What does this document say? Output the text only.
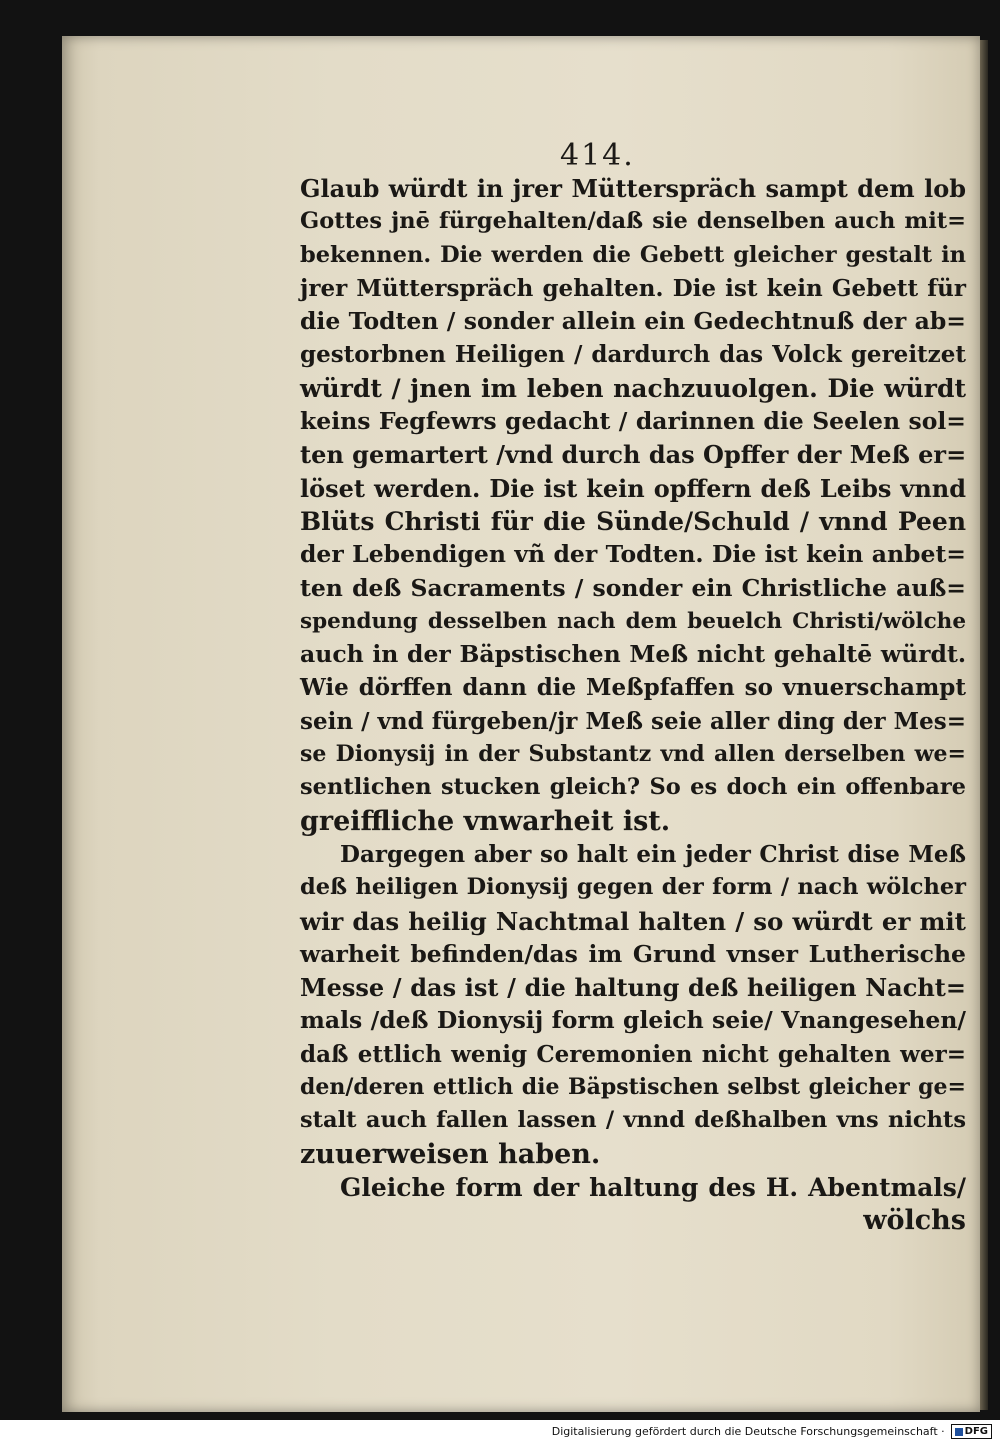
414.

Glaub würdt in jrer Mütterspräch sampt dem lob
Gottes jnē fürgehalten/daß sie denselben auch mit=
bekennen. Die werden die Gebett gleicher gestalt in
jrer Mütterspräch gehalten. Die ist kein Gebett für
die Todten / sonder allein ein Gedechtnuß der ab=
gestorbnen Heiligen / dardurch das Volck gereitzet
würdt / jnen im leben nachzuuolgen. Die würdt
keins Fegfewrs gedacht / darinnen die Seelen sol=
ten gemartert /vnd durch das Opffer der Meß er=
löset werden. Die ist kein opffern deß Leibs vnnd
Blüts Christi für die Sünde/Schuld / vnnd Peen
der Lebendigen vñ der Todten. Die ist kein anbet=
ten deß Sacraments / sonder ein Christliche auß=
spendung desselben nach dem beuelch Christi/wölche
auch in der Bäpstischen Meß nicht gehaltē würdt.
Wie dörffen dann die Meßpfaffen so vnuerschampt
sein / vnd fürgeben/jr Meß seie aller ding der Mes=
se Dionysij in der Substantz vnd allen derselben we=
sentlichen stucken gleich? So es doch ein offenbare
greiffliche vnwarheit ist.
Dargegen aber so halt ein jeder Christ dise Meß
deß heiligen Dionysij gegen der form / nach wölcher
wir das heilig Nachtmal halten / so würdt er mit
warheit befinden/das im Grund vnser Lutherische
Messe / das ist / die haltung deß heiligen Nacht=
mals /deß Dionysij form gleich seie/ Vnangesehen/
daß ettlich wenig Ceremonien nicht gehalten wer=
den/deren ettlich die Bäpstischen selbst gleicher ge=
stalt auch fallen lassen / vnnd deßhalben vns nichts
zuuerweisen haben.
Gleiche form der haltung des H. Abentmals/
wölchs
Digitalisierung gefördert durch die Deutsche Forschungsgemeinschaft · DFG
